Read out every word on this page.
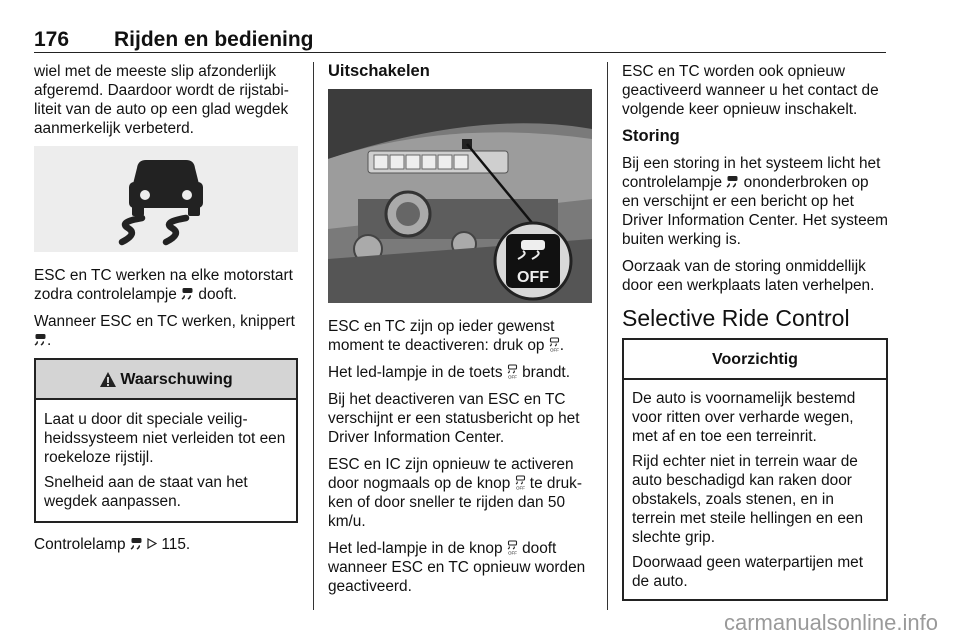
176 Rijden en bediening

wiel met de meeste slip afzonderlijk afgeremd. Daardoor wordt de rijstabiliteit van de auto op een glad wegdek aanmerkelijk verbeterd.

ESC en TC werken na elke motorstart zodra controlelampje  dooft.

Wanneer ESC en TC werken, knippert .

Waarschuwing

Laat u door dit speciale veiligheidssysteem niet verleiden tot een roekeloze rijstijl.

Snelheid aan de staat van het wegdek aanpassen.

Controlelamp   115.

Uitschakelen
OFF

ESC en TC zijn op ieder gewenst moment te deactiveren: druk op OFF .

Het led-lampje in de toets OFF brandt.

Bij het deactiveren van ESC en TC verschijnt er een statusbericht op het Driver Information Center.

ESC en IC zijn opnieuw te activeren door nogmaals op de knop OFF te drukken of door sneller te rijden dan 50 km/u.

Het led-lampje in de knop OFF dooft wanneer ESC en TC opnieuw worden geactiveerd.

ESC en TC worden ook opnieuw geactiveerd wanneer u het contact de volgende keer opnieuw inschakelt.

Storing

Bij een storing in het systeem licht het controlelampje  ononderbroken op en verschijnt er een bericht op het Driver Information Center. Het systeem buiten werking is.

Oorzaak van de storing onmiddellijk door een werkplaats laten verhelpen.

Selective Ride Control
Voorzichtig

De auto is voornamelijk bestemd voor ritten over verharde wegen, met af en toe een terreinrit.

Rijd echter niet in terrein waar de auto beschadigd kan raken door obstakels, zoals stenen, en in terrein met steile hellingen en een slechte grip.

Doorwaad geen waterpartijen met de auto.

carmanualsonline.info
